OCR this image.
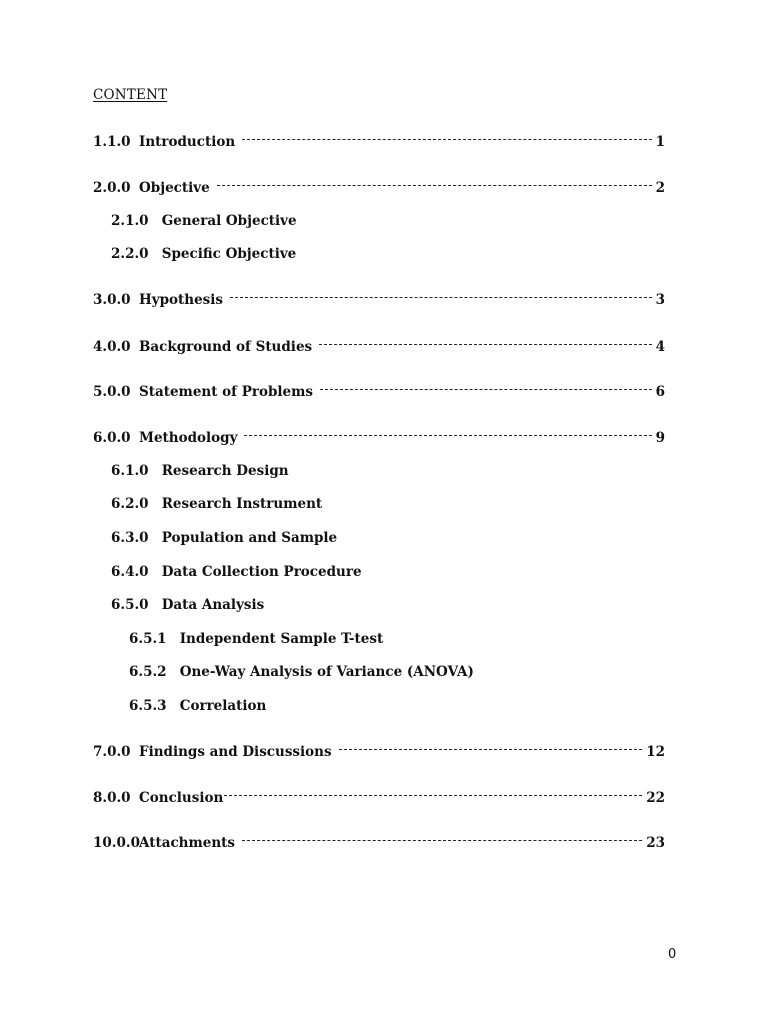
CONTENT
1.1.0 Introduction	1
2.0.0 Objective	2
2.1.0 General Objective
2.2.0 Specific Objective
3.0.0 Hypothesis	3
4.0.0 Background of Studies	4
5.0.0 Statement of Problems	6
6.0.0 Methodology	9
6.1.0 Research Design
6.2.0 Research Instrument
6.3.0 Population and Sample
6.4.0 Data Collection Procedure
6.5.0 Data Analysis
6.5.1 Independent Sample T-test
6.5.2 One-Way Analysis of Variance (ANOVA)
6.5.3 Correlation
7.0.0 Findings and Discussions	12
8.0.0 Conclusion	22
10.0.0 Attachments	23
0
